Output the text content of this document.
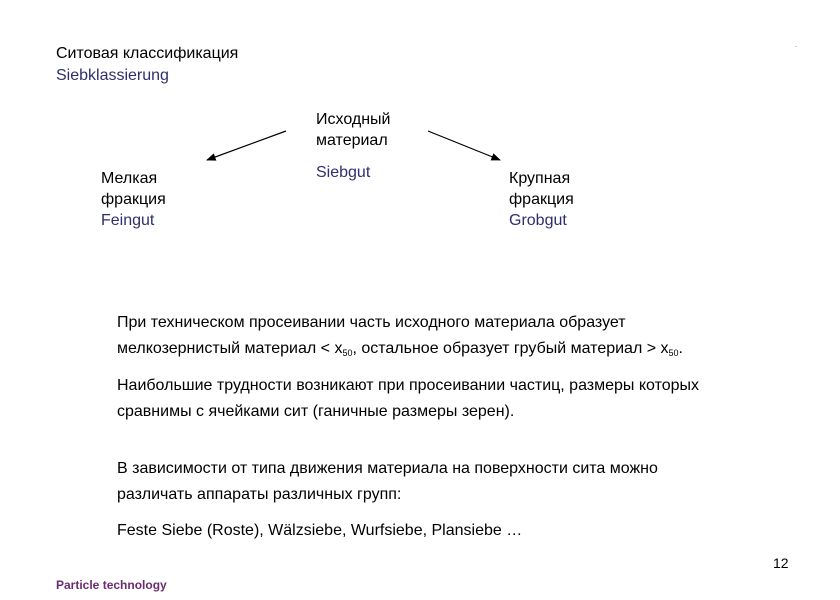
Ситовая классификация
Siebklassierung
.
Исходный
материал
Siebgut
Мелкая
фракция
Feingut
Крупная
фракция
Grobgut
При техническом просеивании часть исходного материала образует
мелкозернистый материал < $x_{50}$, остальное образует грубый материал > $x_{50}$.
Наибольшие трудности возникают при просеивании частиц, размеры которых
сравнимы с ячейками сит (ганичные размеры зерен).
В зависимости от типа движения материала на поверхности сита можно
различать аппараты различных групп:
Feste Siebe (Roste), Wälzsiebe, Wurfsiebe, Plansiebe …
12
Particle technology
